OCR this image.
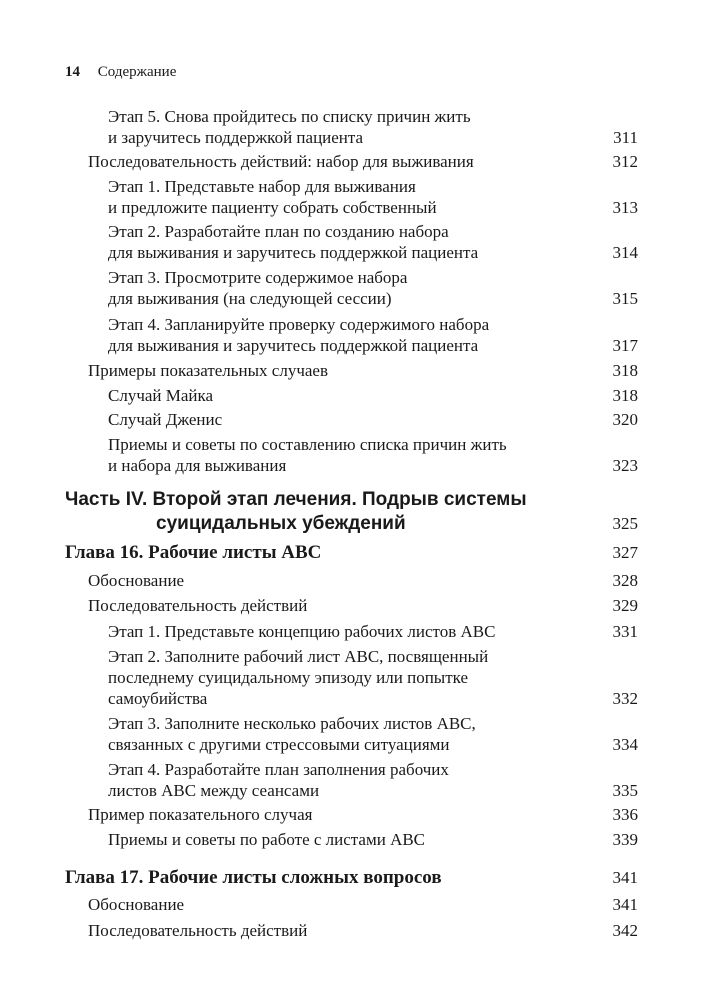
14 Содержание
Этап 5. Снова пройдитесь по списку причин жить
и заручитесь поддержкой пациента	311
Последовательность действий: набор для выживания	312
Этап 1. Представьте набор для выживания
и предложите пациенту собрать собственный	313
Этап 2. Разработайте план по созданию набора
для выживания и заручитесь поддержкой пациента	314
Этап 3. Просмотрите содержимое набора
для выживания (на следующей сессии)	315
Этап 4. Запланируйте проверку содержимого набора
для выживания и заручитесь поддержкой пациента	317
Примеры показательных случаев	318
Случай Майка	318
Случай Дженис	320
Приемы и советы по составлению списка причин жить
и набора для выживания	323
Часть IV. Второй этап лечения. Подрыв системы
суицидальных убеждений	325
Глава 16. Рабочие листы АВС	327
Обоснование	328
Последовательность действий	329
Этап 1. Представьте концепцию рабочих листов АВС	331
Этап 2. Заполните рабочий лист АВС, посвященный
последнему суицидальному эпизоду или попытке
самоубийства	332
Этап 3. Заполните несколько рабочих листов АВС,
связанных с другими стрессовыми ситуациями	334
Этап 4. Разработайте план заполнения рабочих
листов АВС между сеансами	335
Пример показательного случая	336
Приемы и советы по работе с листами АВС	339
Глава 17. Рабочие листы сложных вопросов	341
Обоснование	341
Последовательность действий	342
